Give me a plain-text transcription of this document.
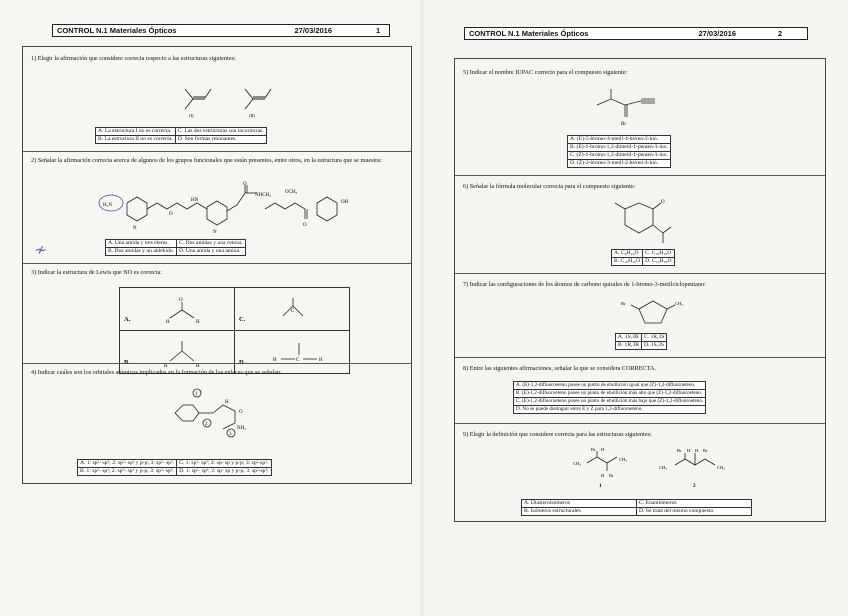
CONTROL N.1 Materiales Ópticos	27/03/2016	1
1) Elegir la afirmación que considere correcta respecto a las estructuras siguientes:
(I)	(II)
A. La estructura I no es correcta.	C. Las dos estructuras son incorrectas.
B. La estructura II no es correcta.	D. Son formas resonantes.
2) Señalar la afirmación correcta acerca de algunos de los grupos funcionales que están presentes, entre otros, en la estructura que se muestra:
H₂N
O
NHCH₃
OCH₃
HN
N
O
N
O
OH
A. Una amida y tres éteres.	C. Dos amidas y una cetona.
B. Dos amidas y un aldehído.	D. Una amida y una amina.
3) Indicar la estructura de Lewis que NO es correcta:
A.
O
H H	C.
C

B.
H H	D. H C H
4) Indicar cuáles son los orbitales atómicos implicados en la formación de los enlaces que se señalan:
1
2
3
H
O
NH₂
A. 1: sp²- sp²; 2: sp²- sp² y p-p; 3: sp²- sp².	C. 1: sp²- sp²; 2: sp- sp y p-p; 3: sp²-sp².
B. 1: sp²- sp²; 2: sp²- sp² y p-p; 3: sp²- sp³.	D. 1: sp²- sp³; 2: sp- sp y p-p; 3: sp²-sp³.
≁
CONTROL N.1 Materiales Ópticos	27/03/2016	2
5) Indicar el nombre IUPAC correcto para el compuesto siguiente:
Br
A. (E)-5-bromo-4-metil-4-hexen-2-ino.
B. (E)-1-bromo-1,2-dimetil-1-penten-3-ino.
C. (Z)-1-bromo-1,2-dimetil-1-penten-3-ino.
D. (Z)-2-bromo-3-metil-2-hexen-4-ino.
6) Señalar la fórmula molecular correcta para el compuesto siguiente:
O
A. C₈H₁₆O	C. C₁₀H₁₈O
B. C₁₀H₁₆O	D. C₁₀H₂₀O
7) Indicar las configuraciones de los átomos de carbono quirales de 1-bromo-3-metilciclopentano:
Br	CH₃
A. 1S,3R	C. 1R,3S
B. 1R,3R	D. 1S,3S
8) Entre las siguientes afirmaciones, señalar la que se considera CORRECTA.
A. (E)-1,2-difluoroeteno posee un punto de ebullición igual que (Z)-1,2-difluoroeteno.
B. (E)-1,2-difluoroeteno posee un punto de ebullición más alto que (Z)-1,2-difluoroeteno.
C. (E)-1,2-difluoroeteno posee un punto de ebullición más bajo que (Z)-1,2-difluoroeteno.
D. No se puede distinguir entre E y Z para 1,2-difluoroeteno.
9) Elegir la definición que considere correcta para las estructuras siguientes:
Br H
CH₃
CH₃
H Br
Br H H Br
CH₃	CH₃
1	2
A. Diasteroisómeros	C. Enantiómeros
B. Isómeros estructurales	D. Se trata del mismo compuesto
